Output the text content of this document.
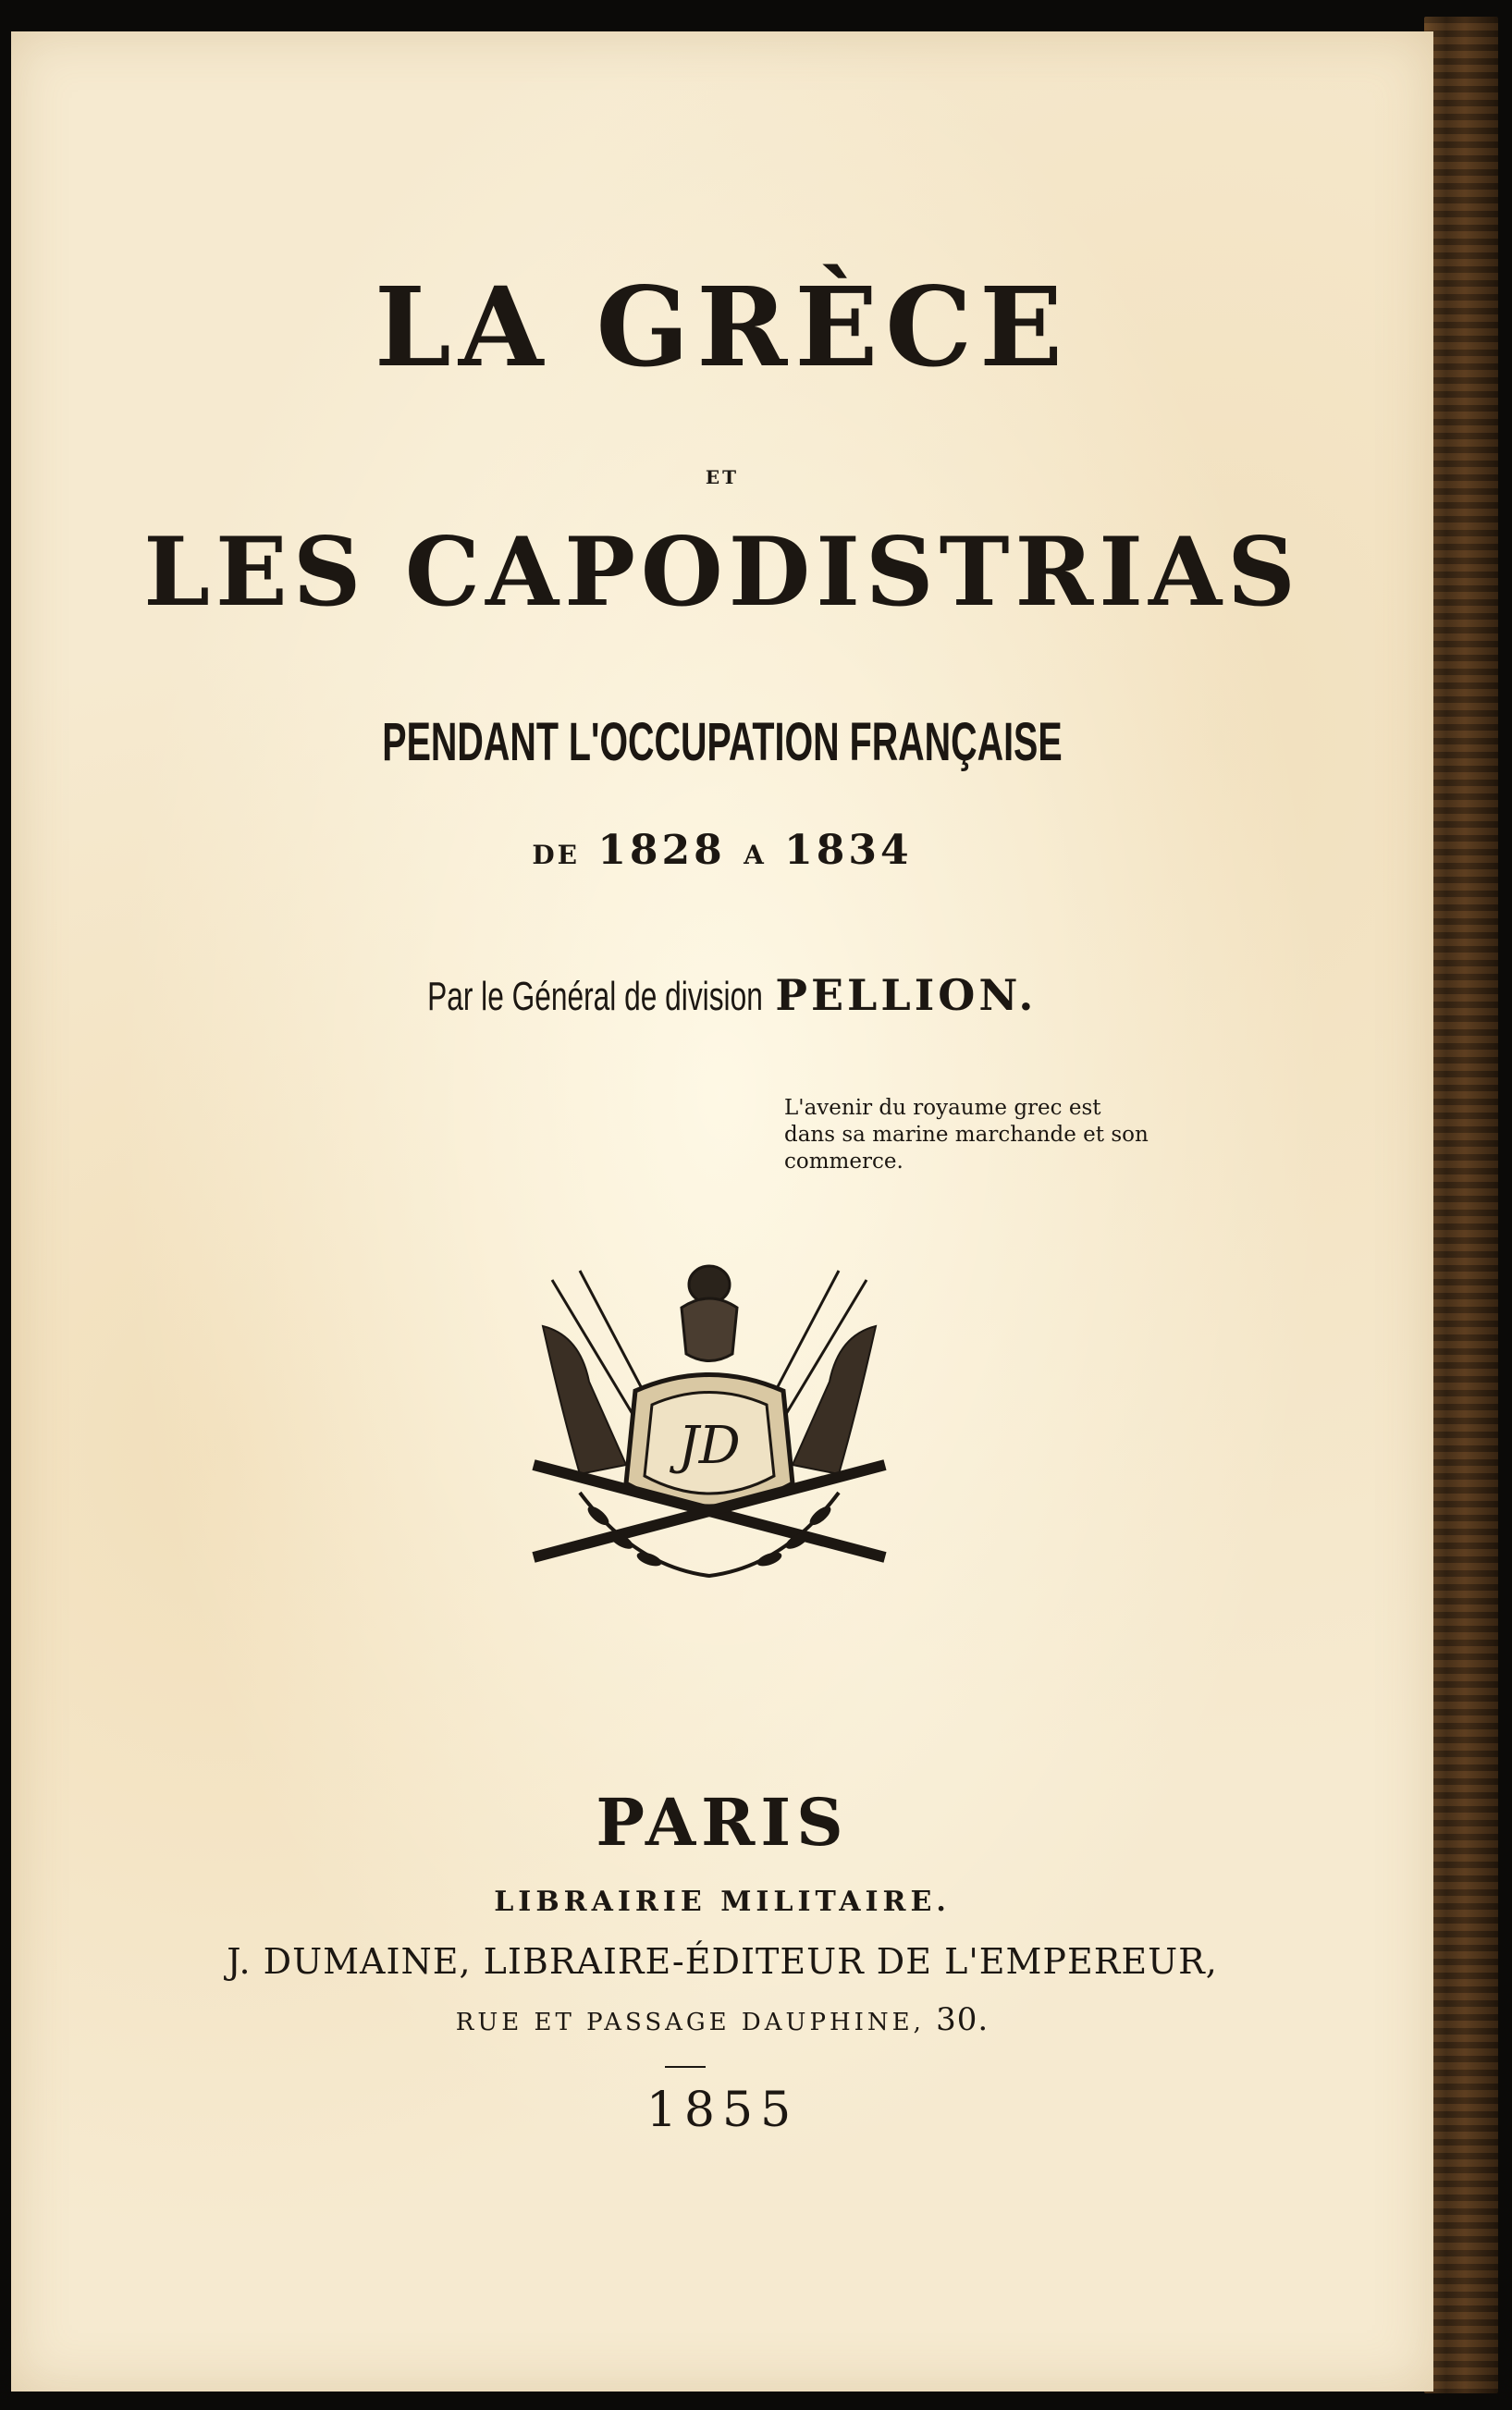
LA GRÈCE
ET
LES CAPODISTRIAS
PENDANT L'OCCUPATION FRANÇAISE
DE 1828 A 1834
Par le Général de division PELLION.
L'avenir du royaume grec est
dans sa marine marchande et son
commerce.
JD
PARIS
LIBRAIRIE MILITAIRE.
J. DUMAINE, LIBRAIRE-ÉDITEUR DE L'EMPEREUR,
RUE ET PASSAGE DAUPHINE, 30.
1855
